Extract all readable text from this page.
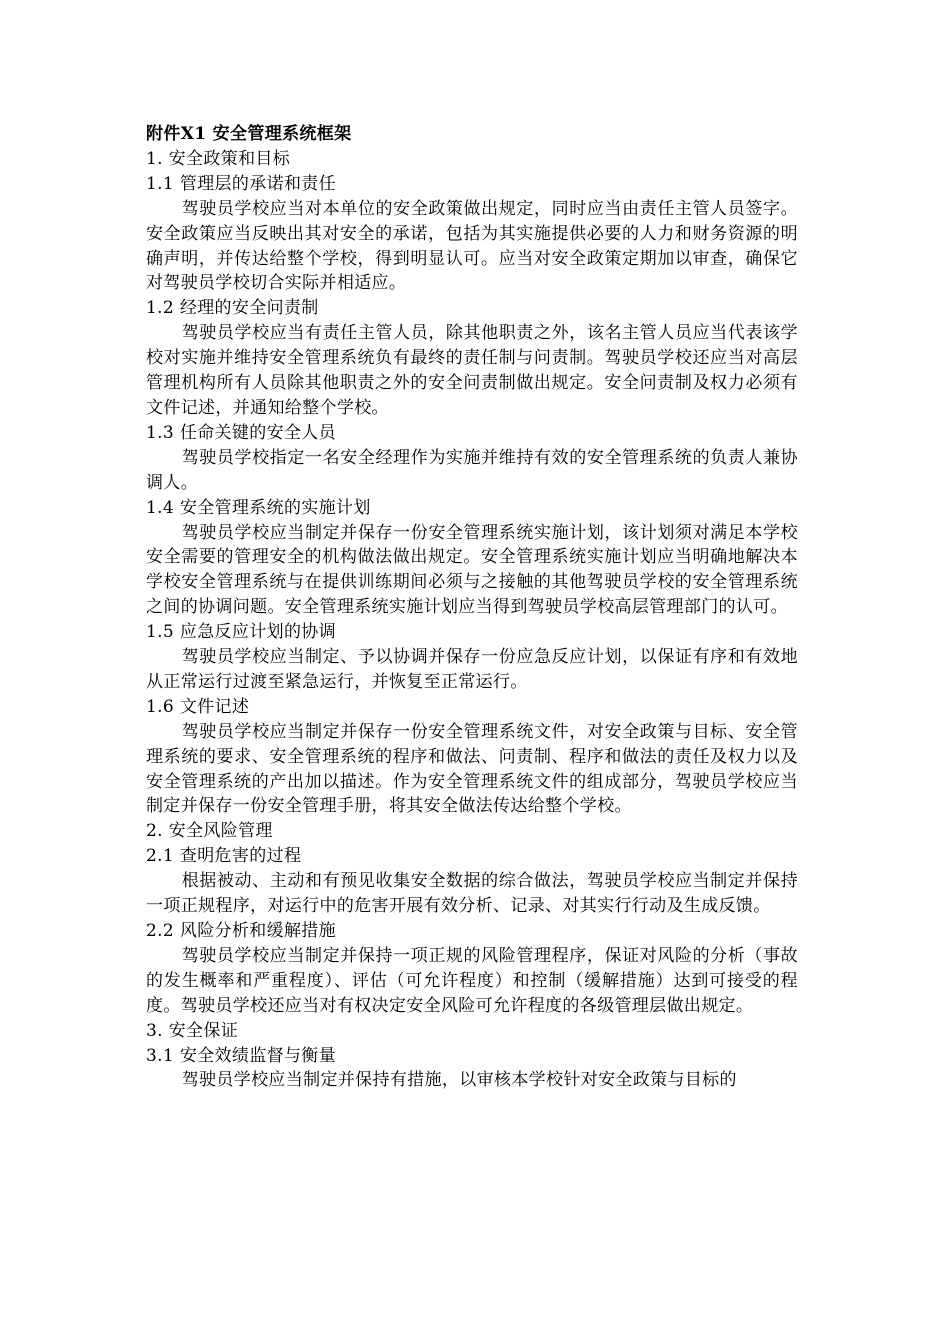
附件X1 安全管理系统框架

1. 安全政策和目标

1.1 管理层的承诺和责任

驾驶员学校应当对本单位的安全政策做出规定，同时应当由责任主管人员签字。安全政策应当反映出其对安全的承诺，包括为其实施提供必要的人力和财务资源的明确声明，并传达给整个学校，得到明显认可。应当对安全政策定期加以审查，确保它对驾驶员学校切合实际并相适应。

1.2 经理的安全问责制

驾驶员学校应当有责任主管人员，除其他职责之外，该名主管人员应当代表该学校对实施并维持安全管理系统负有最终的责任制与问责制。驾驶员学校还应当对高层管理机构所有人员除其他职责之外的安全问责制做出规定。安全问责制及权力必须有文件记述，并通知给整个学校。

1.3 任命关键的安全人员

驾驶员学校指定一名安全经理作为实施并维持有效的安全管理系统的负责人兼协调人。

1.4 安全管理系统的实施计划

驾驶员学校应当制定并保存一份安全管理系统实施计划，该计划须对满足本学校安全需要的管理安全的机构做法做出规定。安全管理系统实施计划应当明确地解决本学校安全管理系统与在提供训练期间必须与之接触的其他驾驶员学校的安全管理系统之间的协调问题。安全管理系统实施计划应当得到驾驶员学校高层管理部门的认可。

1.5 应急反应计划的协调

驾驶员学校应当制定、予以协调并保存一份应急反应计划，以保证有序和有效地从正常运行过渡至紧急运行，并恢复至正常运行。

1.6 文件记述

驾驶员学校应当制定并保存一份安全管理系统文件，对安全政策与目标、安全管理系统的要求、安全管理系统的程序和做法、问责制、程序和做法的责任及权力以及安全管理系统的产出加以描述。作为安全管理系统文件的组成部分，驾驶员学校应当制定并保存一份安全管理手册，将其安全做法传达给整个学校。

2. 安全风险管理

2.1 查明危害的过程

根据被动、主动和有预见收集安全数据的综合做法，驾驶员学校应当制定并保持一项正规程序，对运行中的危害开展有效分析、记录、对其实行行动及生成反馈。

2.2 风险分析和缓解措施

驾驶员学校应当制定并保持一项正规的风险管理程序，保证对风险的分析（事故的发生概率和严重程度）、评估（可允许程度）和控制（缓解措施）达到可接受的程度。驾驶员学校还应当对有权决定安全风险可允许程度的各级管理层做出规定。

3. 安全保证

3.1 安全效绩监督与衡量

驾驶员学校应当制定并保持有措施，以审核本学校针对安全政策与目标的
